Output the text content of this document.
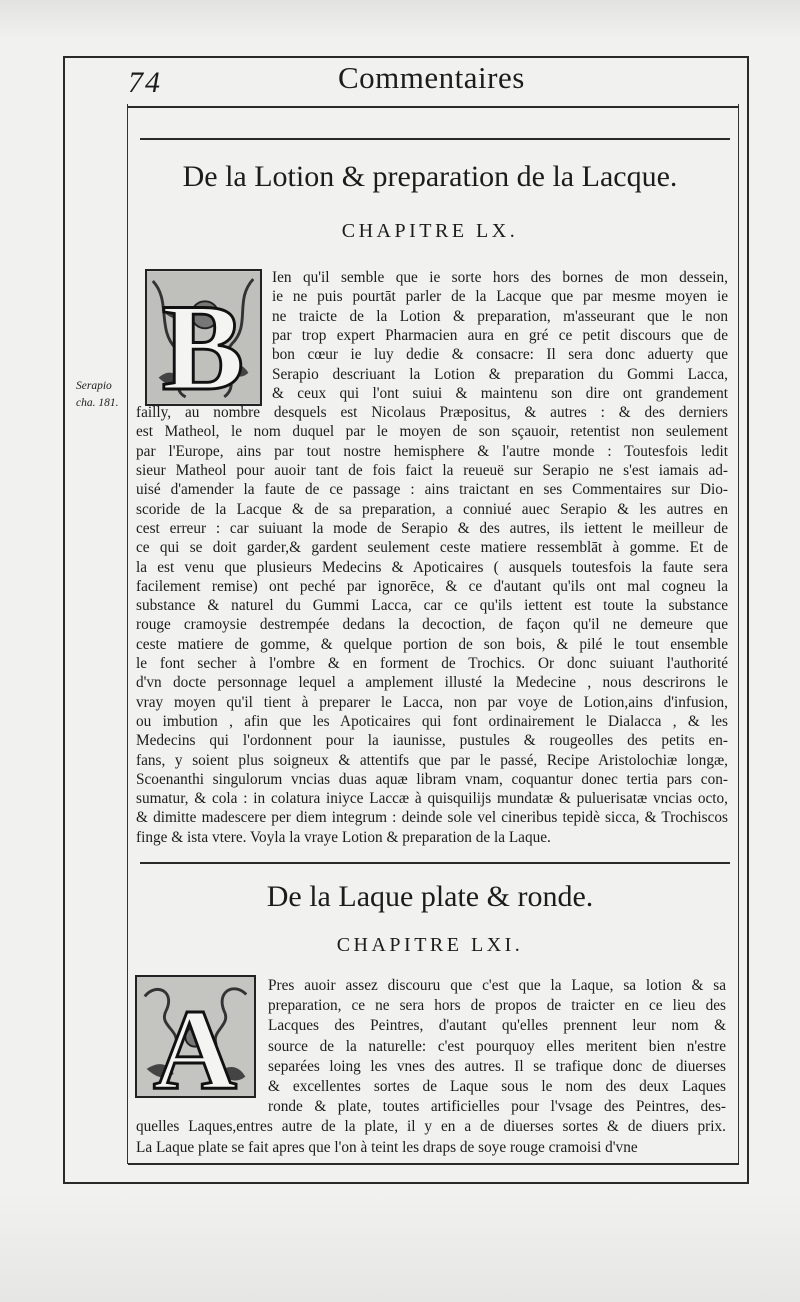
74	Commentaires
Serapio
cha. 181.
De la Lotion & preparation de la Lacque.
CHAPITRE LX.
B
Ien qu'il semble que ie sorte hors des bornes de mon dessein,
ie ne puis pourtāt parler de la Lacque que par mesme moyen ie
ne traicte de la Lotion & preparation, m'asseurant que le non
par trop expert Pharmacien aura en gré ce petit discours que de
bon cœur ie luy dedie & consacre: Il sera donc aduerty que
Serapio descriuant la Lotion & preparation du Gommi Lacca,
& ceux qui l'ont suiui & maintenu son dire ont grandement
failly, au nombre desquels est Nicolaus Præpositus, & autres : & des derniers
est Matheol, le nom duquel par le moyen de son sçauoir, retentist non seulement
par l'Europe, ains par tout nostre hemisphere & l'autre monde : Toutesfois ledit
sieur Matheol pour auoir tant de fois faict la reueuë sur Serapio ne s'est iamais ad-
uisé d'amender la faute de ce passage : ains traictant en ses Commentaires sur Dio-
scoride de la Lacque & de sa preparation, a conniué auec Serapio & les autres en
cest erreur : car suiuant la mode de Serapio & des autres, ils iettent le meilleur de
ce qui se doit garder,& gardent seulement ceste matiere ressemblāt à gomme. Et de
la est venu que plusieurs Medecins & Apoticaires ( ausquels toutesfois la faute sera
facilement remise) ont peché par ignorēce, & ce d'autant qu'ils ont mal cogneu la
substance & naturel du Gummi Lacca, car ce qu'ils iettent est toute la substance
rouge cramoysie destrempée dedans la decoction, de façon qu'il ne demeure que
ceste matiere de gomme, & quelque portion de son bois, & pilé le tout ensemble
le font secher à l'ombre & en forment de Trochics. Or donc suiuant l'authorité
d'vn docte personnage lequel a amplement illusté la Medecine , nous descrirons le
vray moyen qu'il tient à preparer le Lacca, non par voye de Lotion,ains d'infusion,
ou imbution , afin que les Apoticaires qui font ordinairement le Dialacca , & les
Medecins qui l'ordonnent pour la iaunisse, pustules & rougeolles des petits en-
fans, y soient plus soigneux & attentifs que par le passé, Recipe Aristolochiæ longæ,
Scoenanthi singulorum vncias duas aquæ libram vnam, coquantur donec tertia pars con-
sumatur, & cola : in colatura iniyce Laccæ à quisquilijs mundatæ & puluerisatæ vncias octo,
& dimitte madescere per diem integrum : deinde sole vel cineribus tepidè sicca, & Trochiscos
finge & ista vtere. Voyla la vraye Lotion & preparation de la Laque.
De la Laque plate & ronde.
CHAPITRE LXI.
A
Pres auoir assez discouru que c'est que la Laque, sa lotion & sa
preparation, ce ne sera hors de propos de traicter en ce lieu des
Lacques des Peintres, d'autant qu'elles prennent leur nom &
source de la naturelle: c'est pourquoy elles meritent bien n'estre
separées loing les vnes des autres. Il se trafique donc de diuerses
& excellentes sortes de Laque sous le nom des deux Laques
ronde & plate, toutes artificielles pour l'vsage des Peintres, des-
quelles Laques,entres autre de la plate, il y en a de diuerses sortes & de diuers prix.
La Laque plate se fait apres que l'on à teint les draps de soye rouge cramoisi d'vne
